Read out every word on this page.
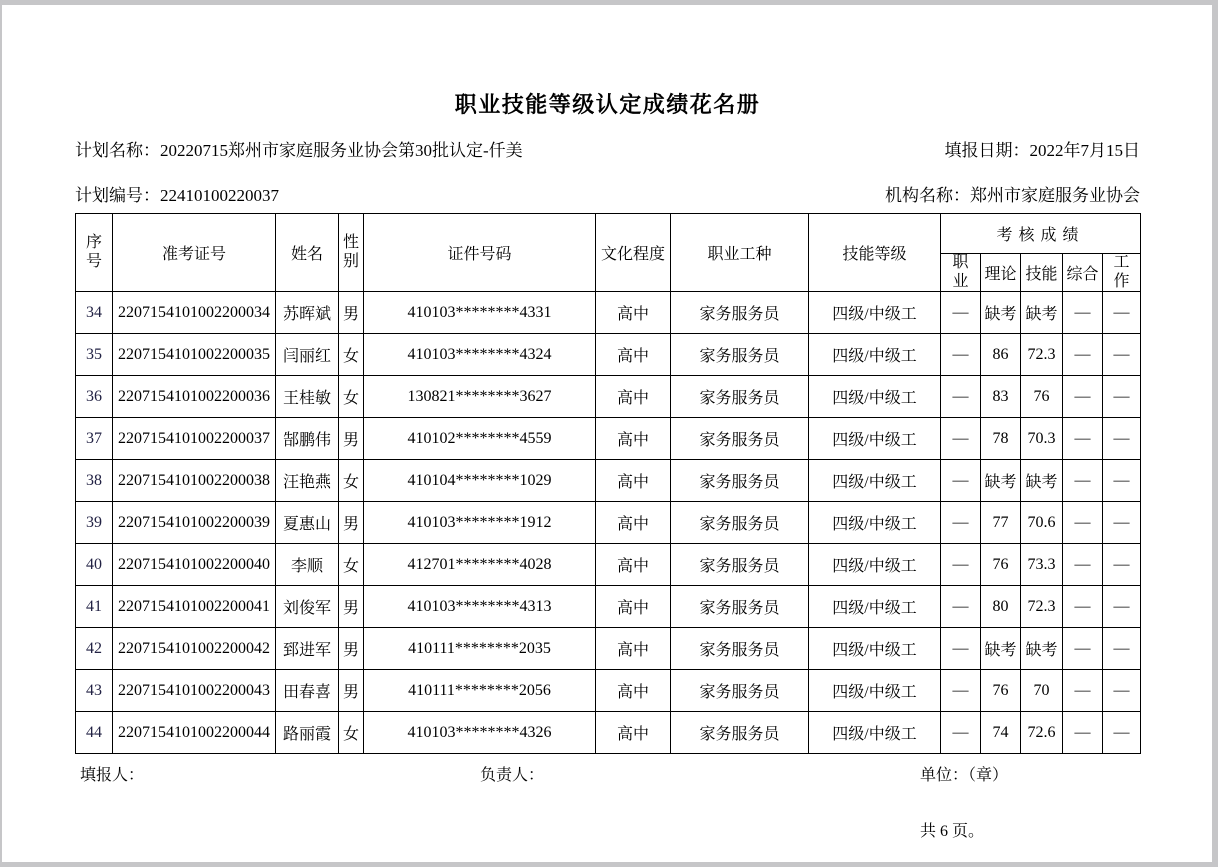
职业技能等级认定成绩花名册
计划名称：20220715郑州市家庭服务业协会第30批认定-仟美	填报日期：2022年7月15日
计划编号：22410100220037	机构名称：郑州市家庭服务业协会
序号	准考证号	姓名	性别	证件号码	文化程度	职业工种	技能等级	考核成绩				
								职业	理论	技能	综合	工作
34	2207154101002200034	苏晖斌	男	410103********4331	高中	家务服务员	四级/中级工	—	缺考	缺考	—	—
35	2207154101002200035	闫丽红	女	410103********4324	高中	家务服务员	四级/中级工	—	86	72.3	—	—
36	2207154101002200036	王桂敏	女	130821********3627	高中	家务服务员	四级/中级工	—	83	76	—	—
37	2207154101002200037	郜鹏伟	男	410102********4559	高中	家务服务员	四级/中级工	—	78	70.3	—	—
38	2207154101002200038	汪艳燕	女	410104********1029	高中	家务服务员	四级/中级工	—	缺考	缺考	—	—
39	2207154101002200039	夏惠山	男	410103********1912	高中	家务服务员	四级/中级工	—	77	70.6	—	—
40	2207154101002200040	李顺	女	412701********4028	高中	家务服务员	四级/中级工	—	76	73.3	—	—
41	2207154101002200041	刘俊军	男	410103********4313	高中	家务服务员	四级/中级工	—	80	72.3	—	—
42	2207154101002200042	郅进军	男	410111********2035	高中	家务服务员	四级/中级工	—	缺考	缺考	—	—
43	2207154101002200043	田春喜	男	410111********2056	高中	家务服务员	四级/中级工	—	76	70	—	—
44	2207154101002200044	路丽霞	女	410103********4326	高中	家务服务员	四级/中级工	—	74	72.6	—	—
填报人：	负责人：	单位：（章）
共 6 页。
